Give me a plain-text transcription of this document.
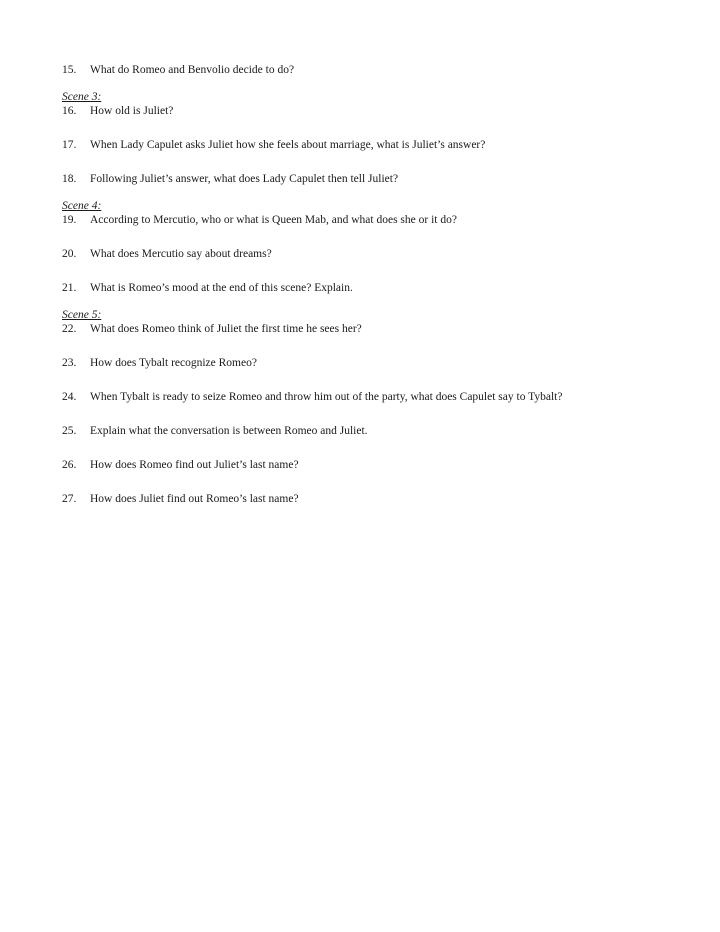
15.	What do Romeo and Benvolio decide to do?

Scene 3:

16.	How old is Juliet?

17.	When Lady Capulet asks Juliet how she feels about marriage, what is Juliet’s answer?

18.	Following Juliet’s answer, what does Lady Capulet then tell Juliet?

Scene 4:

19.	According to Mercutio, who or what is Queen Mab, and what does she or it do?

20.	What does Mercutio say about dreams?

21.	What is Romeo’s mood at the end of this scene? Explain.

Scene 5:

22.	What does Romeo think of Juliet the first time he sees her?

23.	How does Tybalt recognize Romeo?

24.	When Tybalt is ready to seize Romeo and throw him out of the party, what does Capulet say to Tybalt?

25.	Explain what the conversation is between Romeo and Juliet.

26.	How does Romeo find out Juliet’s last name?

27.	How does Juliet find out Romeo’s last name?
